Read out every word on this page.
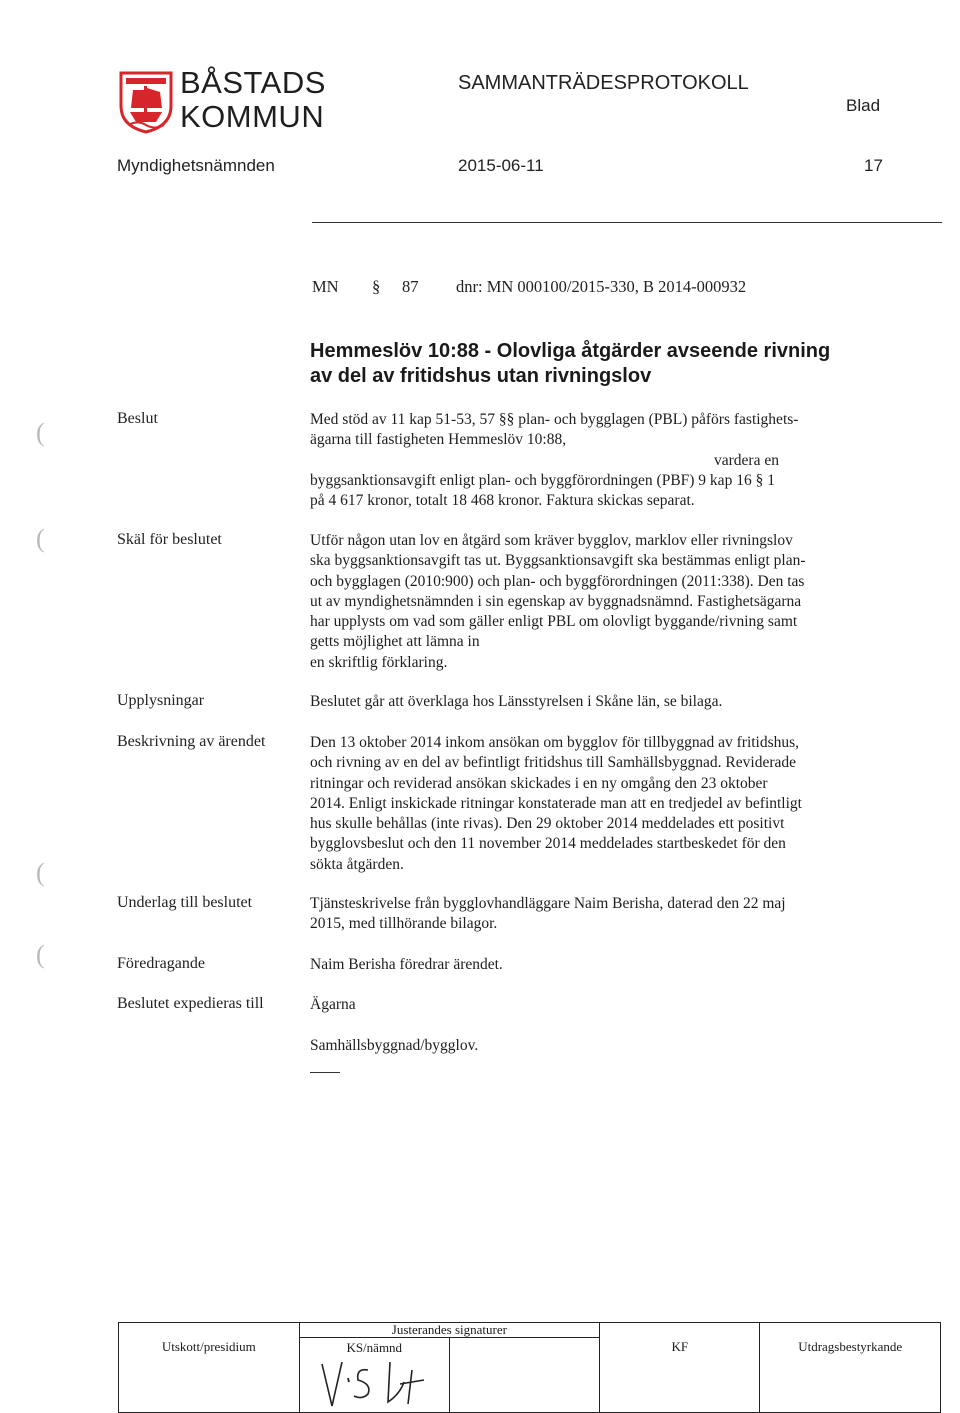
BÅSTADS
KOMMUN
SAMMANTRÄDESPROTOKOLL
Blad
Myndighetsnämnden	2015-06-11	17
MN § 87 dnr: MN 000100/2015-330, B 2014-000932
Hemmeslöv 10:88 - Olovliga åtgärder avseende rivning
av del av fritidshus utan rivningslov
(
(
(
(
Beslut	Med stöd av 11 kap 51-53, 57 §§ plan- och bygglagen (PBL) påförs fastighets-
ägarna till fastigheten Hemmeslöv 10:88,
vardera en
byggsanktionsavgift enligt plan- och byggförordningen (PBF) 9 kap 16 § 1
på 4 617 kronor, totalt 18 468 kronor. Faktura skickas separat.
Skäl för beslutet	Utför någon utan lov en åtgärd som kräver bygglov, marklov eller rivningslov
ska byggsanktionsavgift tas ut. Byggsanktionsavgift ska bestämmas enligt plan-
och bygglagen (2010:900) och plan- och byggförordningen (2011:338). Den tas
ut av myndighetsnämnden i sin egenskap av byggnadsnämnd. Fastighetsägarna
har upplysts om vad som gäller enligt PBL om olovligt byggande/rivning samt
getts möjlighet att lämna in
en skriftlig förklaring.
Upplysningar	Beslutet går att överklaga hos Länsstyrelsen i Skåne län, se bilaga.
Beskrivning av ärendet	Den 13 oktober 2014 inkom ansökan om bygglov för tillbyggnad av fritidshus,
och rivning av en del av befintligt fritidshus till Samhällsbyggnad. Reviderade
ritningar och reviderad ansökan skickades i en ny omgång den 23 oktober
2014. Enligt inskickade ritningar konstaterade man att en tredjedel av befintligt
hus skulle behållas (inte rivas). Den 29 oktober 2014 meddelades ett positivt
bygglovsbeslut och den 11 november 2014 meddelades startbeskedet för den
sökta åtgärden.
Underlag till beslutet	Tjänsteskrivelse från bygglovhandläggare Naim Berisha, daterad den 22 maj
2015, med tillhörande bilagor.
Föredragande	Naim Berisha föredrar ärendet.
Beslutet expedieras till	Ägarna
Samhällsbyggnad/bygglov.
Utskott/presidium	Justerandes signaturer		KF	Utdragsbestyrkande
	KS/nämnd		
